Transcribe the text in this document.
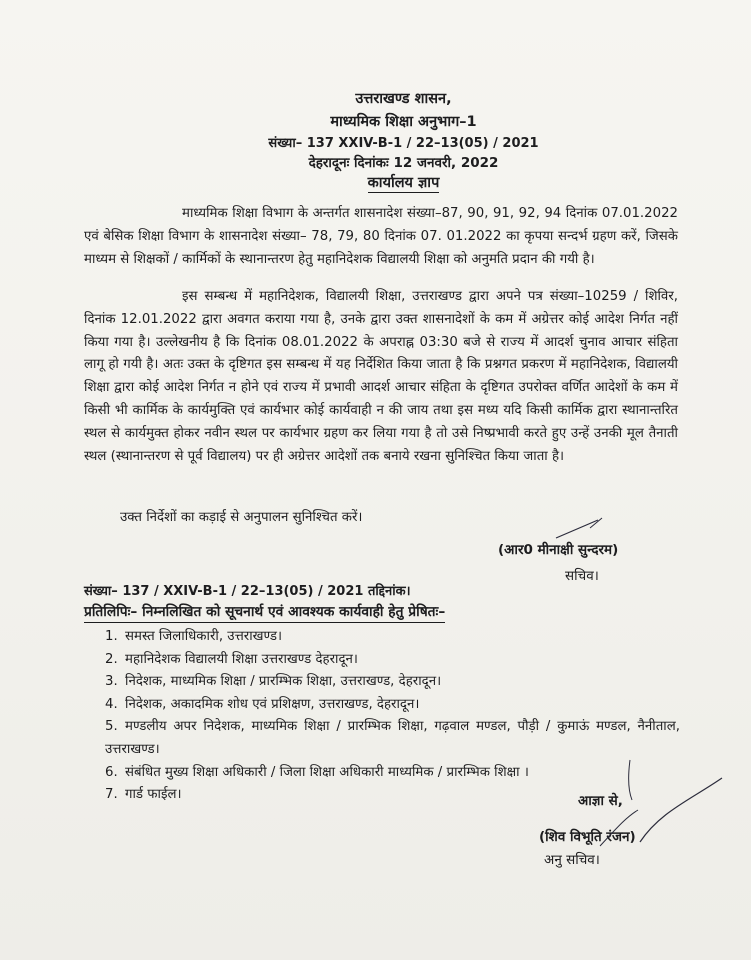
उत्तराखण्ड शासन,
माध्यमिक शिक्षा अनुभाग–1
संख्या– 137 XXIV-B-1 / 22–13(05) / 2021
देहरादूनः दिनांकः 12 जनवरी, 2022
कार्यालय ज्ञाप
माध्यमिक शिक्षा विभाग के अन्तर्गत शासनादेश संख्या–87, 90, 91, 92, 94 दिनांक 07.01.2022 एवं बेसिक शिक्षा विभाग के शासनादेश संख्या– 78, 79, 80 दिनांक 07. 01.2022 का कृपया सन्दर्भ ग्रहण करें, जिसके माध्यम से शिक्षकों / कार्मिकों के स्थानान्तरण हेतु महानिदेशक विद्यालयी शिक्षा को अनुमति प्रदान की गयी है।
इस सम्बन्ध में महानिदेशक, विद्यालयी शिक्षा, उत्तराखण्ड द्वारा अपने पत्र संख्या–10259 / शिविर, दिनांक 12.01.2022 द्वारा अवगत कराया गया है, उनके द्वारा उक्त शासनादेशों के कम में अग्रेत्तर कोई आदेश निर्गत नहीं किया गया है। उल्लेखनीय है कि दिनांक 08.01.2022 के अपराह्न 03:30 बजे से राज्य में आदर्श चुनाव आचार संहिता लागू हो गयी है। अतः उक्त के दृष्टिगत इस सम्बन्ध में यह निर्देशित किया जाता है कि प्रश्नगत प्रकरण में महानिदेशक, विद्यालयी शिक्षा द्वारा कोई आदेश निर्गत न होने एवं राज्य में प्रभावी आदर्श आचार संहिता के दृष्टिगत उपरोक्त वर्णित आदेशों के कम में किसी भी कार्मिक के कार्यमुक्ति एवं कार्यभार कोई कार्यवाही न की जाय तथा इस मध्य यदि किसी कार्मिक द्वारा स्थानान्तरित स्थल से कार्यमुक्त होकर नवीन स्थल पर कार्यभार ग्रहण कर लिया गया है तो उसे निष्प्रभावी करते हुए उन्हें उनकी मूल तैनाती स्थल (स्थानान्तरण से पूर्व विद्यालय) पर ही अग्रेत्तर आदेशों तक बनाये रखना सुनिश्चित किया जाता है।
उक्त निर्देशों का कड़ाई से अनुपालन सुनिश्चित करें।
(आर0 मीनाक्षी सुन्दरम)
सचिव।
संख्या– 137 / XXIV-B-1 / 22–13(05) / 2021 तद्दिनांक।
प्रतिलिपिः– निम्नलिखित को सूचनार्थ एवं आवश्यक कार्यवाही हेतु प्रेषितः–
1. समस्त जिलाधिकारी, उत्तराखण्ड।
2. महानिदेशक विद्यालयी शिक्षा उत्तराखण्ड देहरादून।
3. निदेशक, माध्यमिक शिक्षा / प्रारम्भिक शिक्षा, उत्तराखण्ड, देहरादून।
4. निदेशक, अकादमिक शोध एवं प्रशिक्षण, उत्तराखण्ड, देहरादून।
5. मण्डलीय अपर निदेशक, माध्यमिक शिक्षा / प्रारम्भिक शिक्षा, गढ़वाल मण्डल, पौड़ी / कुमाऊं मण्डल, नैनीताल, उत्तराखण्ड।
6. संबंधित मुख्य शिक्षा अधिकारी / जिला शिक्षा अधिकारी माध्यमिक / प्रारम्भिक शिक्षा ।
7. गार्ड फाईल।	आज्ञा से,
(शिव विभूति रंजन)
अनु सचिव।
